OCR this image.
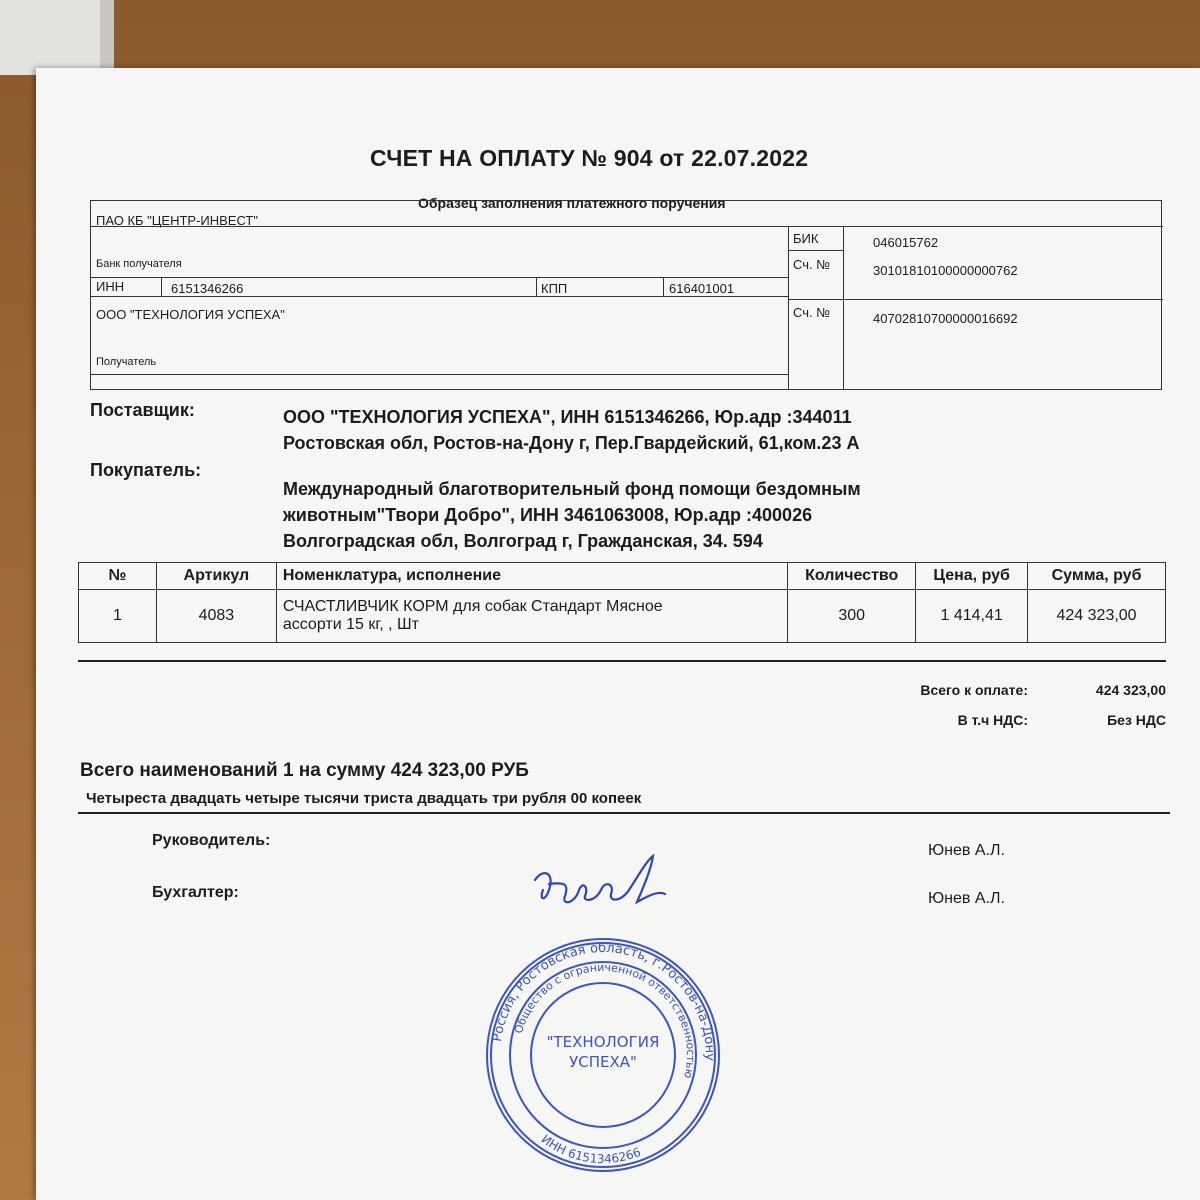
СЧЕТ НА ОПЛАТУ № 904 от 22.07.2022
Образец заполнения платежного поручения
ПАО КБ "ЦЕНТР-ИНВЕСТ"
Банк получателя
БИК	046015762
Сч. №	30101810100000000762
ИНН	6151346266	КПП	616401001
ООО "ТЕХНОЛОГИЯ УСПЕХА"
Получатель
Сч. №	40702810700000016692
Поставщик:	ООО "ТЕХНОЛОГИЯ УСПЕХА", ИНН 6151346266, Юр.адр :344011
Ростовская обл, Ростов-на-Дону г, Пер.Гвардейский, 61,ком.23 А
Покупатель:
Международный благотворительный фонд помощи бездомным
животным"Твори Добро", ИНН 3461063008, Юр.адр :400026
Волгоградская обл, Волгоград г, Гражданская, 34. 594
№	Артикул	Номенклатура, исполнение	Количество	Цена, руб	Сумма, руб
1	4083	СЧАСТЛИВЧИК КОРМ для собак Стандарт Мясное
ассорти 15 кг, , Шт	300	1 414,41	424 323,00
Всего к оплате:	424 323,00
В т.ч НДС:	Без НДС
Всего наименований 1 на сумму 424 323,00 РУБ
Четыреста двадцать четыре тысячи триста двадцать три рубля 00 копеек
Руководитель:
Юнев А.Л.
Бухгалтер:	Юнев А.Л.
Россия, Ростовская область, г.Ростов-на-Дону
Общество с ограниченной ответственностью
ИНН 6151346266
"ТЕХНОЛОГИЯ
УСПЕХА"
